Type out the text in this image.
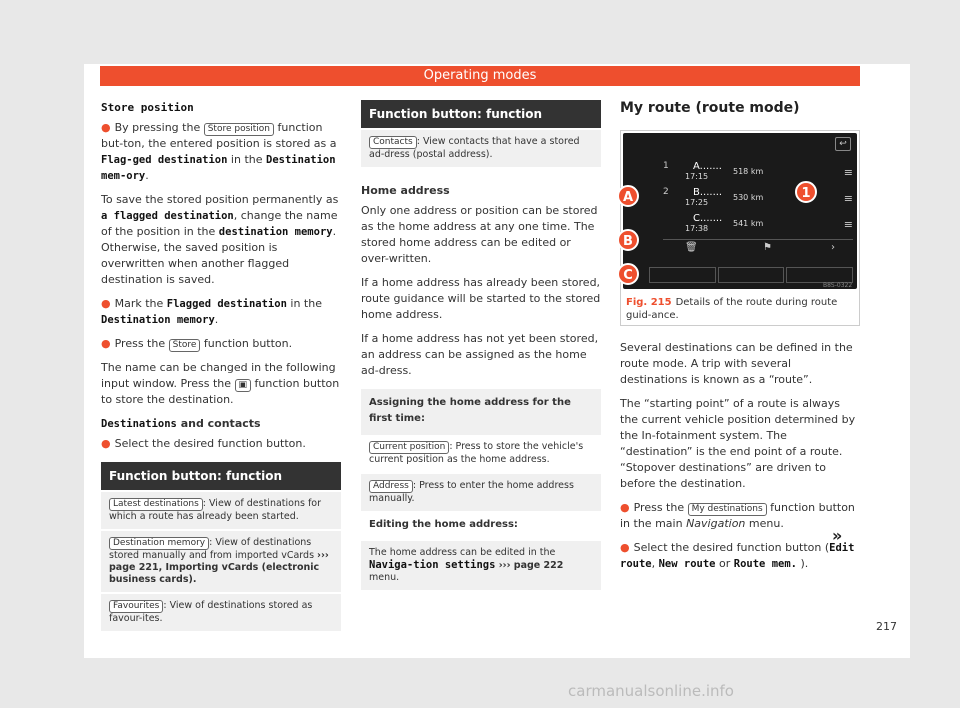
Operating modes

Store position

● By pressing the Store position function but-ton, the entered position is stored as a Flag-ged destination in the Destination mem-ory.

To save the stored position permanently as a flagged destination, change the name of the position in the destination memory. Otherwise, the saved position is overwritten when another flagged destination is saved.

● Mark the Flagged destination in the Destination memory.

● Press the Store function button.

The name can be changed in the following input window. Press the ▣ function button to store the destination.

Destinations and contacts

● Select the desired function button.

Function button: function
Latest destinations : View of destinations for which a route has already been started.
Destination memory : View of destinations stored manually and from imported vCards ››› page 221, Importing vCards (electronic business cards).
Favourites : View of destinations stored as favour-ites.
Function button: function
Contacts : View contacts that have a stored ad-dress (postal address).

Home address

Only one address or position can be stored as the home address at any one time. The stored home address can be edited or over-written.

If a home address has already been stored, route guidance will be started to the stored home address.

If a home address has not yet been stored, an address can be assigned as the home ad-dress.

Assigning the home address for the first time:
Current position : Press to store the vehicle's current position as the home address.
Address : Press to enter the home address manually.
Editing the home address:
The home address can be edited in the Naviga-tion settings ››› page 222 menu.

My route (route mode)

↩
1 A.......
17:15
518 km	≡
2 B.......
17:25
530 km	≡
C.......
17:38
541 km	≡
🗑	⚑	›
A
B
C
1
B8S-0322
Fig. 215 Details of the route during route guid-ance.

Several destinations can be defined in the route mode. A trip with several destinations is known as a “route”.

The “starting point” of a route is always the current vehicle position determined by the In-fotainment system. The “destination” is the end point of a route. “Stopover destinations” are driven to before the destination.

● Press the My destinations function button in the main Navigation menu.

● Select the desired function button (Edit route, New route or Route mem. ).

»
217
carmanualsonline.info
